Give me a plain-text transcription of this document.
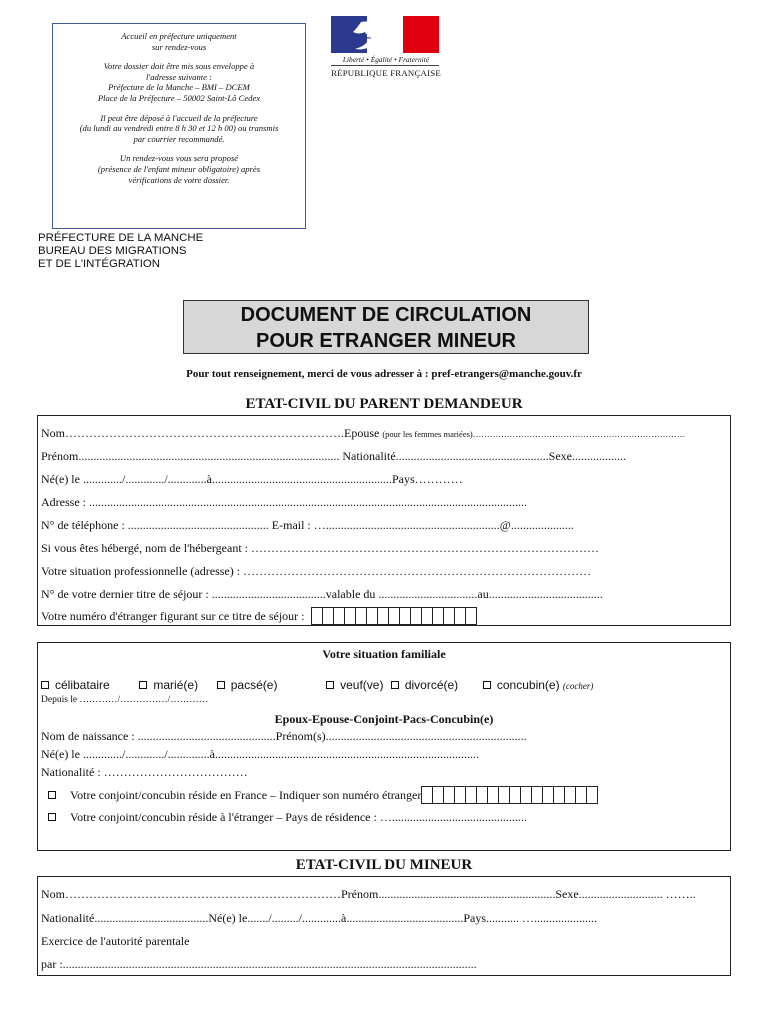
Accueil en préfecture uniquement
sur rendez-vous

Votre dossier doit être mis sous enveloppe à
l'adresse suivante :
Préfecture de la Manche – BMI – DCEM
Place de la Préfecture – 50002 Saint-Lô Cedex

Il peut être déposé à l'accueil de la préfecture
(du lundi au vendredi entre 8 h 30 et 12 h 00) ou transmis
par courrier recommandé.

Un rendez-vous vous sera proposé
(présence de l'enfant mineur obligatoire) après
vérifications de votre dossier.

Liberté • Égalité • Fraternité
RÉPUBLIQUE FRANÇAISE
PRÉFECTURE DE LA MANCHE
BUREAU DES MIGRATIONS
ET DE L'INTÉGRATION
DOCUMENT DE CIRCULATION
POUR ETRANGER MINEUR
Pour tout renseignement, merci de vous adresser à : pref-etrangers@manche.gouv.fr
ETAT-CIVIL DU PARENT DEMANDEUR
Nom…………………………………………………………….Epouse (pour les femmes mariées)…………………………………………………………………
Prénom....................................................................................... Nationalité...................................................Sexe..................
Né(e) le ............./............./.............à............................................................Pays…………
Adresse : ..................................................................................................................................................
N° de téléphone : ............................................... E-mail : …..........................................................@.....................
Si vous êtes hébergé, nom de l'hébergeant : ……………………………………………………………………………
Votre situation professionnelle (adresse) : ……………………………………………………………………………
N° de votre dernier titre de séjour : ......................................valable du .................................au......................................
Votre numéro d'étranger figurant sur ce titre de séjour :
Votre situation familiale
célibataire	marié(e)	pacsé(e)	veuf(ve) divorcé(e)	concubin(e) (cocher)
Depuis le …………/……………/…………
Epoux-Epouse-Conjoint-Pacs-Concubin(e)
Nom de naissance : ..............................................Prénom(s)...................................................................
Né(e) le ............./............./..............à........................................................................................
Nationalité : ………………………………
Votre conjoint/concubin réside en France – Indiquer son numéro étranger
Votre conjoint/concubin réside à l'étranger – Pays de résidence : ….............................................
ETAT-CIVIL DU MINEUR
Nom……………………………………………………………Prénom...........................................................Sexe............................ ……..
Nationalité......................................Né(e) le......./........./.............à.......................................Pays........... ….....................
Exercice de l'autorité parentale
par :..........................................................................................................................................
